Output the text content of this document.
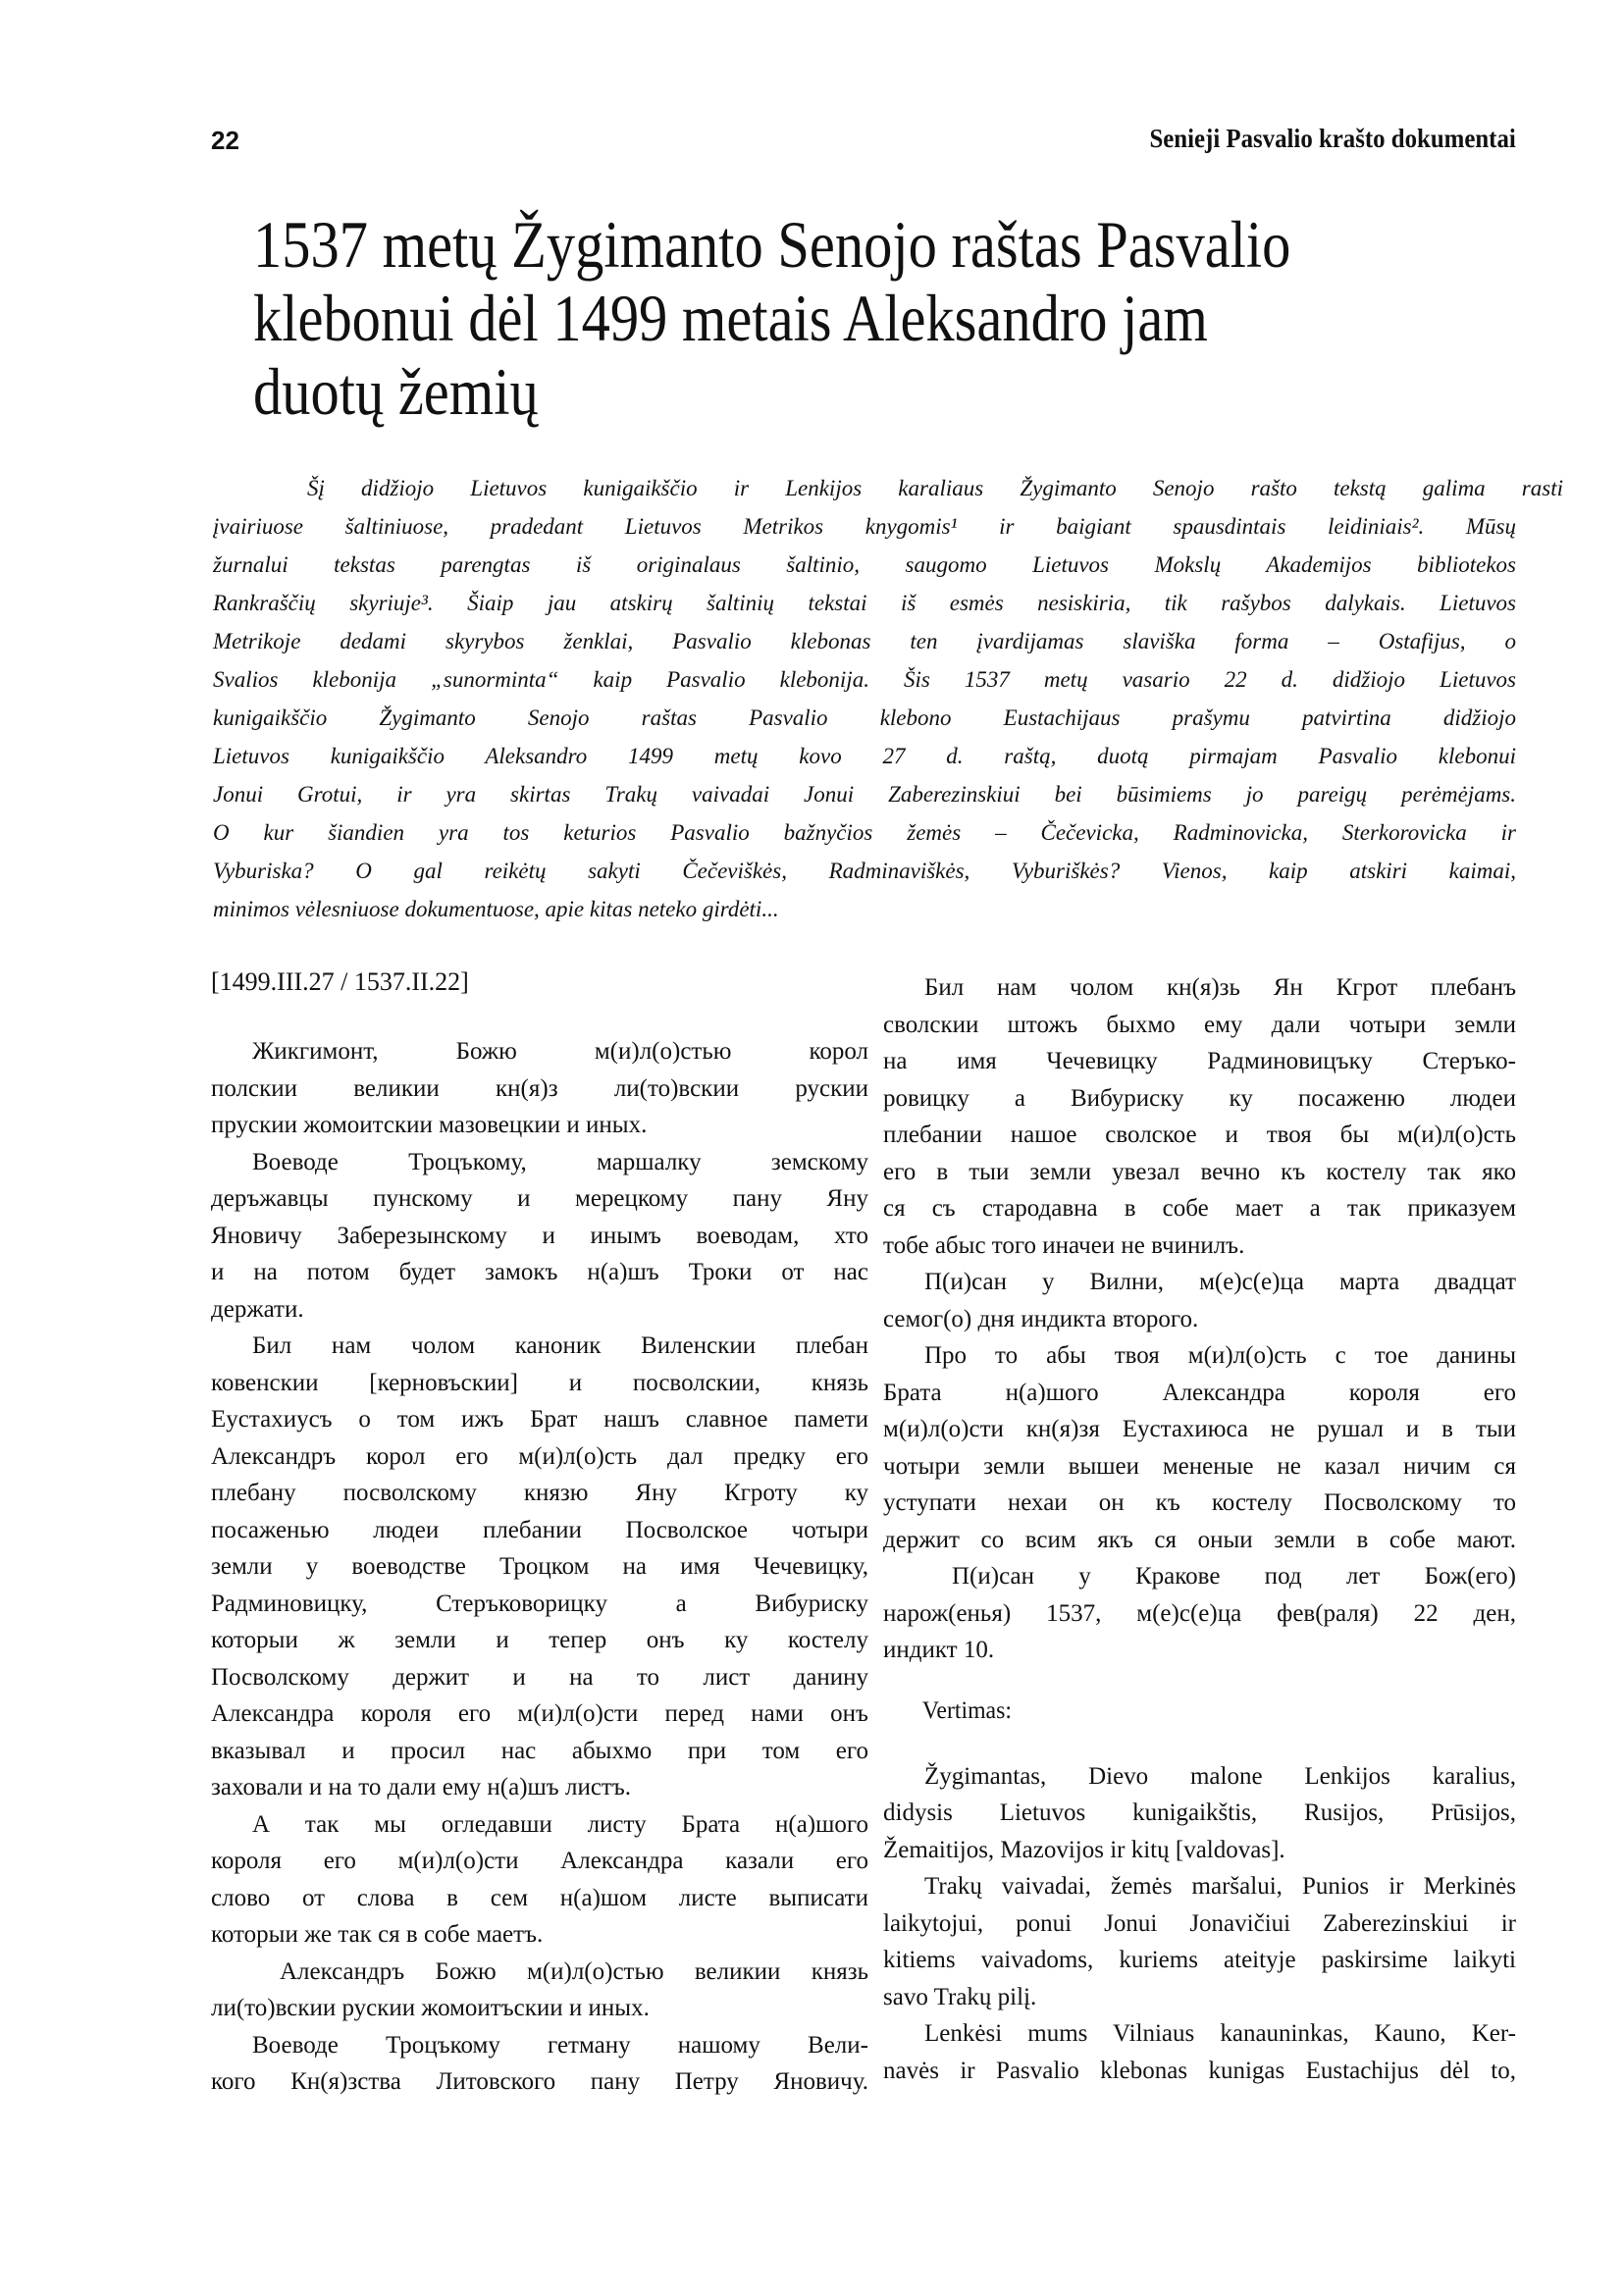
22	Senieji Pasvalio krašto dokumentai
1537 metų Žygimanto Senojo raštas Pasvalio
klebonui dėl 1499 metais Aleksandro jam
duotų žemių
Šį didžiojo Lietuvos kunigaikščio ir Lenkijos karaliaus Žygimanto Senojo rašto tekstą galima rasti
įvairiuose šaltiniuose, pradedant Lietuvos Metrikos knygomis¹ ir baigiant spausdintais leidiniais². Mūsų
žurnalui tekstas parengtas iš originalaus šaltinio, saugomo Lietuvos Mokslų Akademijos bibliotekos
Rankraščių skyriuje³. Šiaip jau atskirų šaltinių tekstai iš esmės nesiskiria, tik rašybos dalykais. Lietuvos
Metrikoje dedami skyrybos ženklai, Pasvalio klebonas ten įvardijamas slaviška forma – Ostafijus, o
Svalios klebonija „sunorminta“ kaip Pasvalio klebonija. Šis 1537 metų vasario 22 d. didžiojo Lietuvos
kunigaikščio Žygimanto Senojo raštas Pasvalio klebono Eustachijaus prašymu patvirtina didžiojo
Lietuvos kunigaikščio Aleksandro 1499 metų kovo 27 d. raštą, duotą pirmajam Pasvalio klebonui
Jonui Grotui, ir yra skirtas Trakų vaivadai Jonui Zaberezinskiui bei būsimiems jo pareigų perėmėjams.
O kur šiandien yra tos keturios Pasvalio bažnyčios žemės – Čečevicka, Radminovicka, Sterkorovicka ir
Vyburiska? O gal reikėtų sakyti Čečeviškės, Radminaviškės, Vyburiškės? Vienos, kaip atskiri kaimai,
minimos vėlesniuose dokumentuose, apie kitas neteko girdėti...
[1499.III.27 / 1537.II.22]
Жикгимонт, Божю м(и)л(о)стью корол
полскии великии кн(я)з ли(то)вскии рускии
прускии жомоитскии мазовецкии и иных.
Воеводе Троцъкому, маршалку земскому
деръжавцы пунскому и мерецкому пану Яну
Яновичу Заберезынскому и инымъ воеводам, хто
и на потом будет замокъ н(а)шъ Троки от нас
держати.
Бил нам чолом каноник Виленскии плебан
ковенскии [керновъскии] и посволскии, князь
Еустахиусъ о том ижъ Брат нашъ славное памети
Александръ корол его м(и)л(о)сть дал предку его
плебану посволскому князю Яну Кгроту ку
посаженью людеи плебании Посволское чотыри
земли у воеводстве Троцком на имя Чечевицку,
Радминовицку, Стеръковорицку а Вибуриску
которыи ж земли и тепер онъ ку костелу
Посволскому держит и на то лист данину
Александра короля его м(и)л(о)сти перед нами онъ
вказывал и просил нас абыхмо при том его
заховали и на то дали ему н(а)шъ листъ.
А так мы огледавши листу Брата н(а)шого
короля его м(и)л(о)сти Александра казали его
слово от слова в сем н(а)шом листе выписати
которыи же так ся в собе маетъ.
Александръ Божю м(и)л(о)стью великии князь
ли(то)вскии рускии жомоитъскии и иных.
Воеводе Троцъкому гетману нашому Вели-
кого Кн(я)зства Литовского пану Петру Яновичу.
Бил нам чолом кн(я)зь Ян Кгрот плебанъ
сволскии штожъ быхмо ему дали чотыри земли
на имя Чечевицку Радминовицъку Стеръко-
ровицку а Вибуриску ку посаженю людеи
плебании нашое сволское и твоя бы м(и)л(о)сть
его в тыи земли увезал вечно къ костелу так яко
ся съ стародавна в собе мает а так приказуем
тобе абыс того иначеи не вчинилъ.
П(и)сан у Вилни, м(е)с(е)ца марта двадцат
семог(о) дня индикта второго.
Про то абы твоя м(и)л(о)сть с тое данины
Брата н(а)шого Александра короля его
м(и)л(о)сти кн(я)зя Еустахиюса не рушал и в тыи
чотыри земли вышеи мененые не казал ничим ся
уступати нехаи он къ костелу Посволскому то
держит со всим якъ ся оныи земли в собе мают.
П(и)сан у Кракове под лет Бож(его)
нарож(енья) 1537, м(е)с(е)ца фев(раля) 22 ден,
индикт 10.
Vertimas:
Žygimantas, Dievo malone Lenkijos karalius,
didysis Lietuvos kunigaikštis, Rusijos, Prūsijos,
Žemaitijos, Mazovijos ir kitų [valdovas].
Trakų vaivadai, žemės maršalui, Punios ir Merkinės
laikytojui, ponui Jonui Jonavičiui Zaberezinskiui ir
kitiems vaivadoms, kuriems ateityje paskirsime laikyti
savo Trakų pilį.
Lenkėsi mums Vilniaus kanauninkas, Kauno, Ker-
navės ir Pasvalio klebonas kunigas Eustachijus dėl to,
